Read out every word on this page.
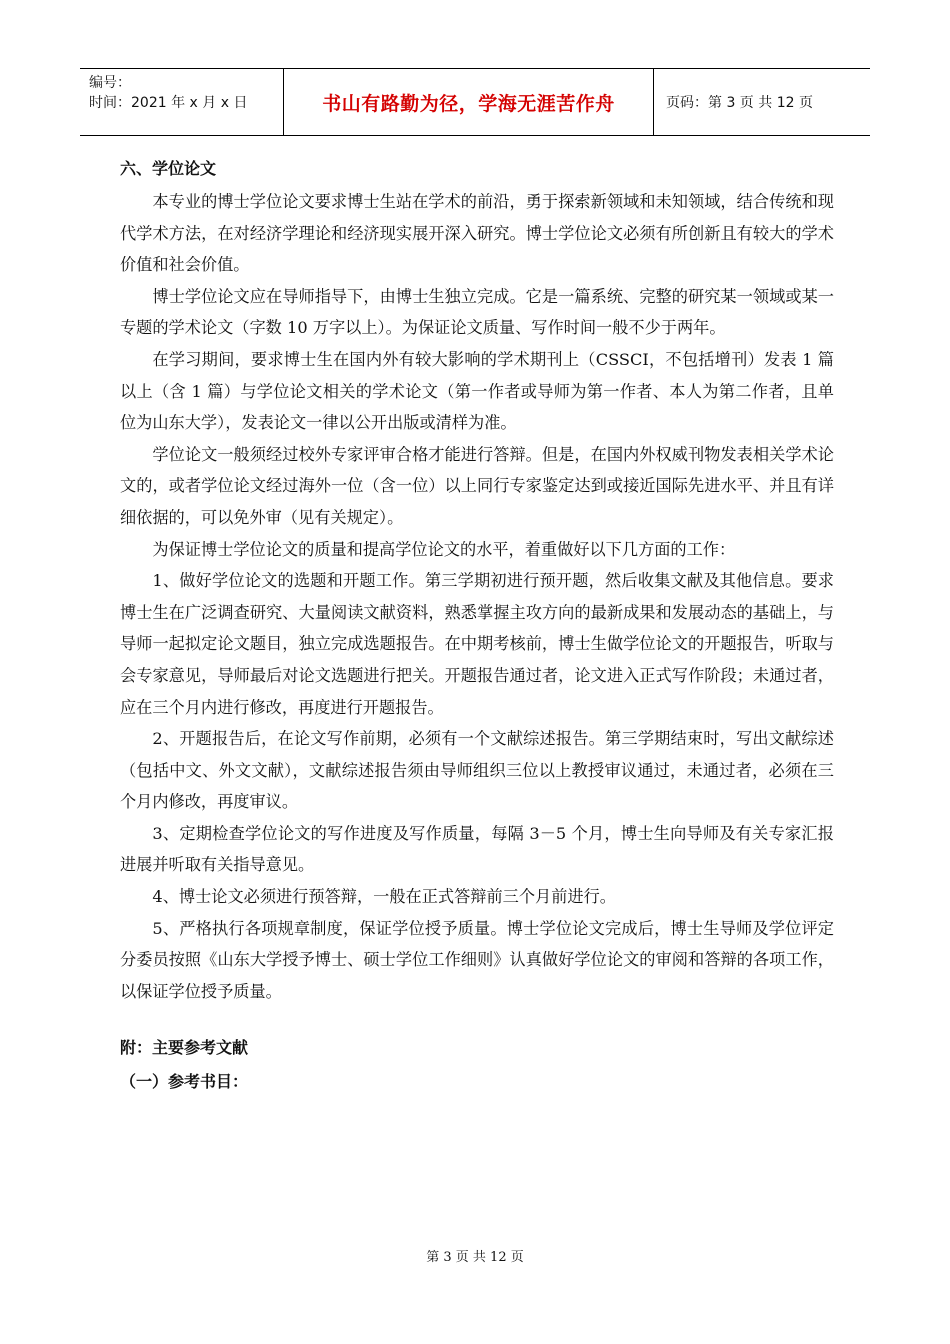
编号：
时间：2021 年 x 月 x 日	书山有路勤为径，学海无涯苦作舟	页码：第 3 页 共 12 页

六、学位论文

本专业的博士学位论文要求博士生站在学术的前沿，勇于探索新领域和未知领域，结合传统和现代学术方法，在对经济学理论和经济现实展开深入研究。博士学位论文必须有所创新且有较大的学术价值和社会价值。

博士学位论文应在导师指导下，由博士生独立完成。它是一篇系统、完整的研究某一领域或某一专题的学术论文（字数 10 万字以上）。为保证论文质量、写作时间一般不少于两年。

在学习期间，要求博士生在国内外有较大影响的学术期刊上（CSSCI，不包括增刊）发表 1 篇以上（含 1 篇）与学位论文相关的学术论文（第一作者或导师为第一作者、本人为第二作者，且单位为山东大学），发表论文一律以公开出版或清样为准。

学位论文一般须经过校外专家评审合格才能进行答辩。但是，在国内外权威刊物发表相关学术论文的，或者学位论文经过海外一位（含一位）以上同行专家鉴定达到或接近国际先进水平、并且有详细依据的，可以免外审（见有关规定）。

为保证博士学位论文的质量和提高学位论文的水平，着重做好以下几方面的工作：

1、做好学位论文的选题和开题工作。第三学期初进行预开题，然后收集文献及其他信息。要求博士生在广泛调查研究、大量阅读文献资料，熟悉掌握主攻方向的最新成果和发展动态的基础上，与导师一起拟定论文题目，独立完成选题报告。在中期考核前，博士生做学位论文的开题报告，听取与会专家意见，导师最后对论文选题进行把关。开题报告通过者，论文进入正式写作阶段；未通过者，应在三个月内进行修改，再度进行开题报告。

2、开题报告后，在论文写作前期，必须有一个文献综述报告。第三学期结束时，写出文献综述（包括中文、外文文献），文献综述报告须由导师组织三位以上教授审议通过，未通过者，必须在三个月内修改，再度审议。

3、定期检查学位论文的写作进度及写作质量，每隔 3－5 个月，博士生向导师及有关专家汇报进展并听取有关指导意见。

4、博士论文必须进行预答辩，一般在正式答辩前三个月前进行。

5、严格执行各项规章制度，保证学位授予质量。博士学位论文完成后，博士生导师及学位评定分委员按照《山东大学授予博士、硕士学位工作细则》认真做好学位论文的审阅和答辩的各项工作，以保证学位授予质量。

附：主要参考文献

（一）参考书目：

第 3 页 共 12 页
